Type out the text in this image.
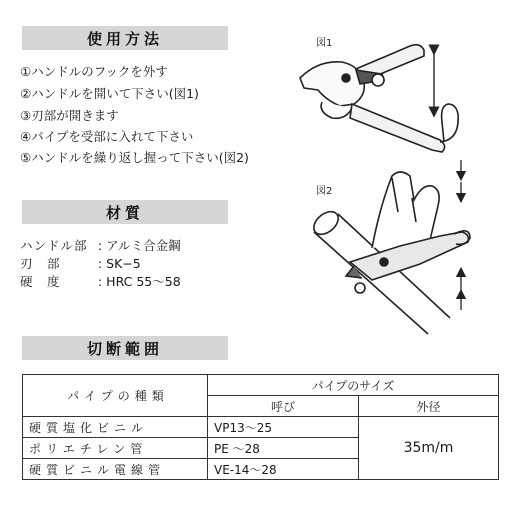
使用方法
①ハンドルのフックを外す
②ハンドルを開いて下さい(図1)
③刃部が開きます
④パイプを受部に入れて下さい
⑤ハンドルを繰り返し握って下さい(図2)
材質
ハンドル部 : アルミ合金鋼
刃　部	: SK−5
硬　度	: HRC 55〜58
切断範囲
図1
図2
パイプの種類	パイプのサイズ	
	呼び	外径
硬質塩化ビニル	VP13〜25	35m/m
ポリエチレン管	PE 〜28	
硬質ビニル電線管	VE-14〜28	
